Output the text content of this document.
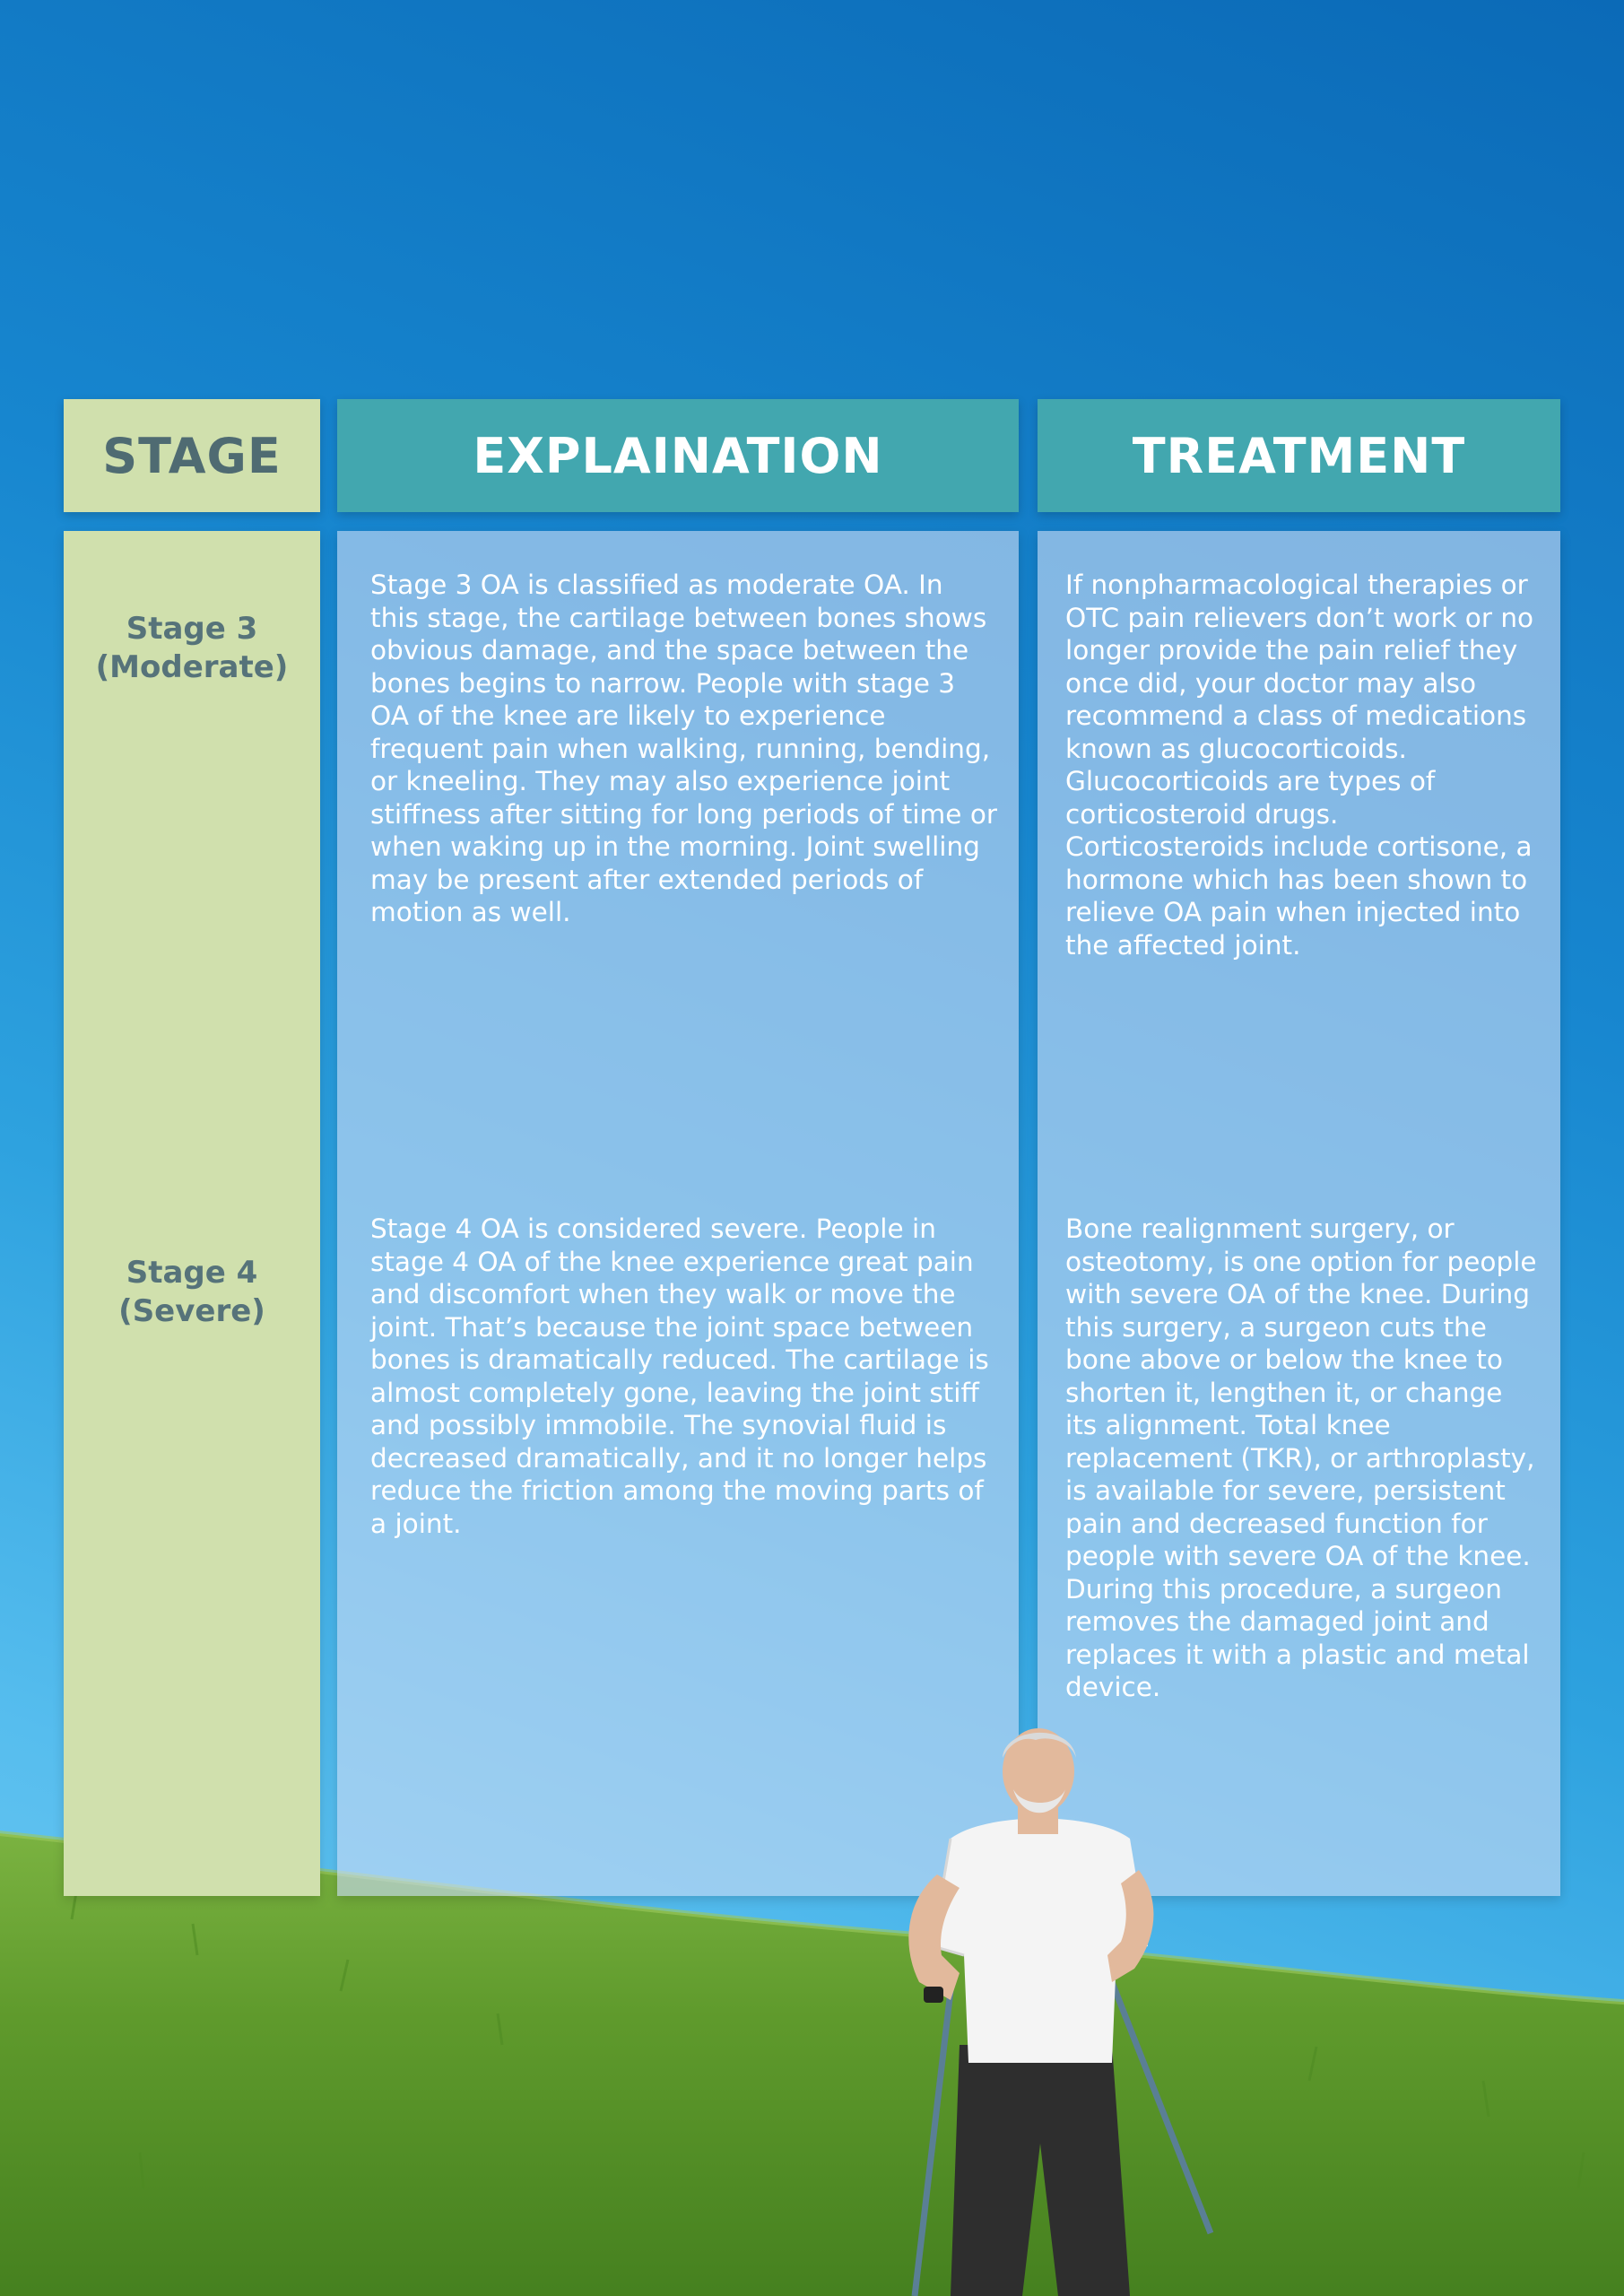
STAGE	EXPLAINATION	TREATMENT
Stage 3
(Moderate)

Stage 3 OA is classified as moderate OA. In this stage, the cartilage between bones shows obvious damage, and the space between the bones begins to narrow. People with stage 3 OA of the knee are likely to experience frequent pain when walking, running, bending, or kneeling. They may also experience joint stiffness after sitting for long periods of time or when waking up in the morning. Joint swelling may be present after extended periods of motion as well.

If nonpharmacological therapies or OTC pain relievers don’t work or no longer provide the pain relief they once did, your doctor may also recommend a class of medications known as glucocorticoids. Glucocorticoids are types of corticosteroid drugs. Corticosteroids include cortisone, a hormone which has been shown to relieve OA pain when injected into the affected joint.

Stage 4
(Severe)

Stage 4 OA is considered severe. People in stage 4 OA of the knee experience great pain and discomfort when they walk or move the joint. That’s because the joint space between bones is dramatically reduced. The cartilage is almost completely gone, leaving the joint stiff and possibly immobile. The synovial fluid is decreased dramatically, and it no longer helps reduce the friction among the moving parts of a joint.

Bone realignment surgery, or osteotomy, is one option for people with severe OA of the knee. During this surgery, a surgeon cuts the bone above or below the knee to shorten it, lengthen it, or change its alignment. Total knee replacement (TKR), or arthroplasty, is available for severe, persistent pain and decreased function for people with severe OA of the knee. During this procedure, a surgeon removes the damaged joint and replaces it with a plastic and metal device.
